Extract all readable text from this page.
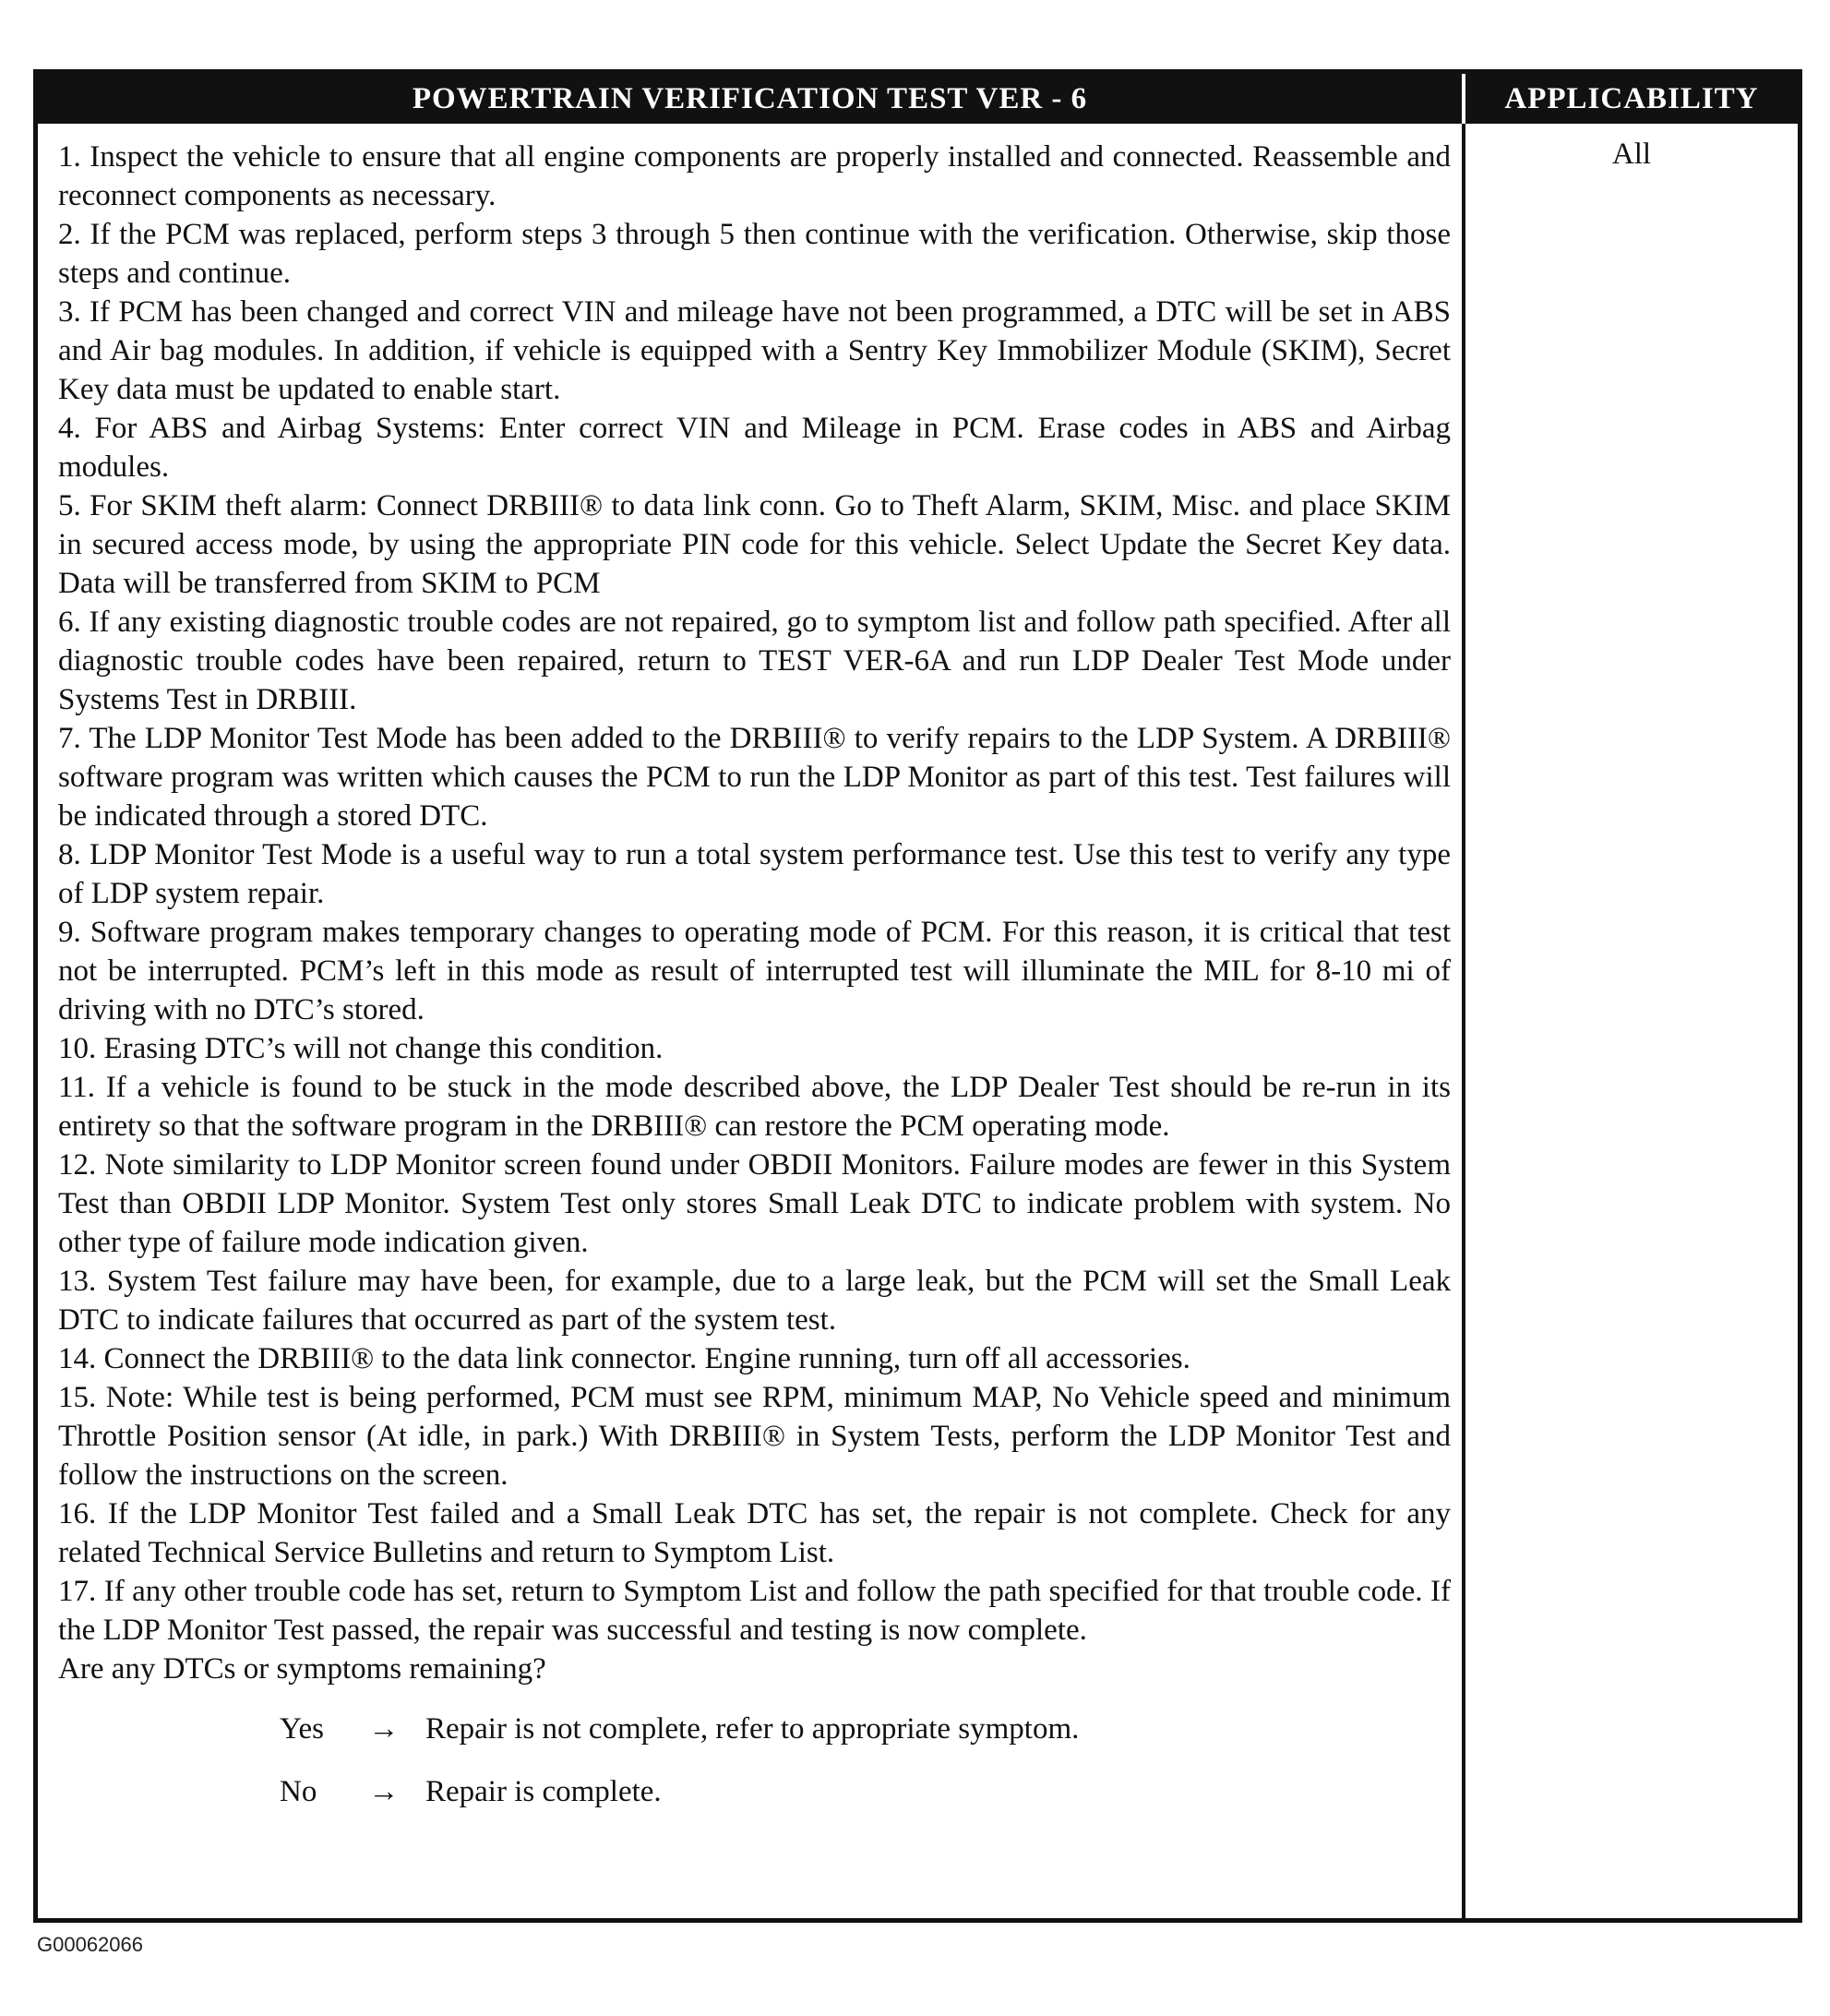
POWERTRAIN VERIFICATION TEST VER - 6	APPLICABILITY

1. Inspect the vehicle to ensure that all engine components are properly installed and connected. Reassemble and reconnect components as necessary.

2. If the PCM was replaced, perform steps 3 through 5 then continue with the verification. Otherwise, skip those steps and continue.

3. If PCM has been changed and correct VIN and mileage have not been programmed, a DTC will be set in ABS and Air bag modules. In addition, if vehicle is equipped with a Sentry Key Immobilizer Module (SKIM), Secret Key data must be updated to enable start.

4. For ABS and Airbag Systems: Enter correct VIN and Mileage in PCM. Erase codes in ABS and Airbag modules.

5. For SKIM theft alarm: Connect DRBIII® to data link conn. Go to Theft Alarm, SKIM, Misc. and place SKIM in secured access mode, by using the appropriate PIN code for this vehicle. Select Update the Secret Key data. Data will be transferred from SKIM to PCM

6. If any existing diagnostic trouble codes are not repaired, go to symptom list and follow path specified. After all diagnostic trouble codes have been repaired, return to TEST VER-6A and run LDP Dealer Test Mode under Systems Test in DRBIII.

7. The LDP Monitor Test Mode has been added to the DRBIII® to verify repairs to the LDP System. A DRBIII® software program was written which causes the PCM to run the LDP Monitor as part of this test. Test failures will be indicated through a stored DTC.

8. LDP Monitor Test Mode is a useful way to run a total system performance test. Use this test to verify any type of LDP system repair.

9. Software program makes temporary changes to operating mode of PCM. For this reason, it is critical that test not be interrupted. PCM’s left in this mode as result of interrupted test will illuminate the MIL for 8-10 mi of driving with no DTC’s stored.

10. Erasing DTC’s will not change this condition.

11. If a vehicle is found to be stuck in the mode described above, the LDP Dealer Test should be re-run in its entirety so that the software program in the DRBIII® can restore the PCM operating mode.

12. Note similarity to LDP Monitor screen found under OBDII Monitors. Failure modes are fewer in this System Test than OBDII LDP Monitor. System Test only stores Small Leak DTC to indicate problem with system. No other type of failure mode indication given.

13. System Test failure may have been, for example, due to a large leak, but the PCM will set the Small Leak DTC to indicate failures that occurred as part of the system test.

14. Connect the DRBIII® to the data link connector. Engine running, turn off all accessories.

15. Note: While test is being performed, PCM must see RPM, minimum MAP, No Vehicle speed and minimum Throttle Position sensor (At idle, in park.) With DRBIII® in System Tests, perform the LDP Monitor Test and follow the instructions on the screen.

16. If the LDP Monitor Test failed and a Small Leak DTC has set, the repair is not complete. Check for any related Technical Service Bulletins and return to Symptom List.

17. If any other trouble code has set, return to Symptom List and follow the path specified for that trouble code. If the LDP Monitor Test passed, the repair was successful and testing is now complete.

Are any DTCs or symptoms remaining?

Yes	→ Repair is not complete, refer to appropriate symptom.
No	→ Repair is complete.
All
G00062066
